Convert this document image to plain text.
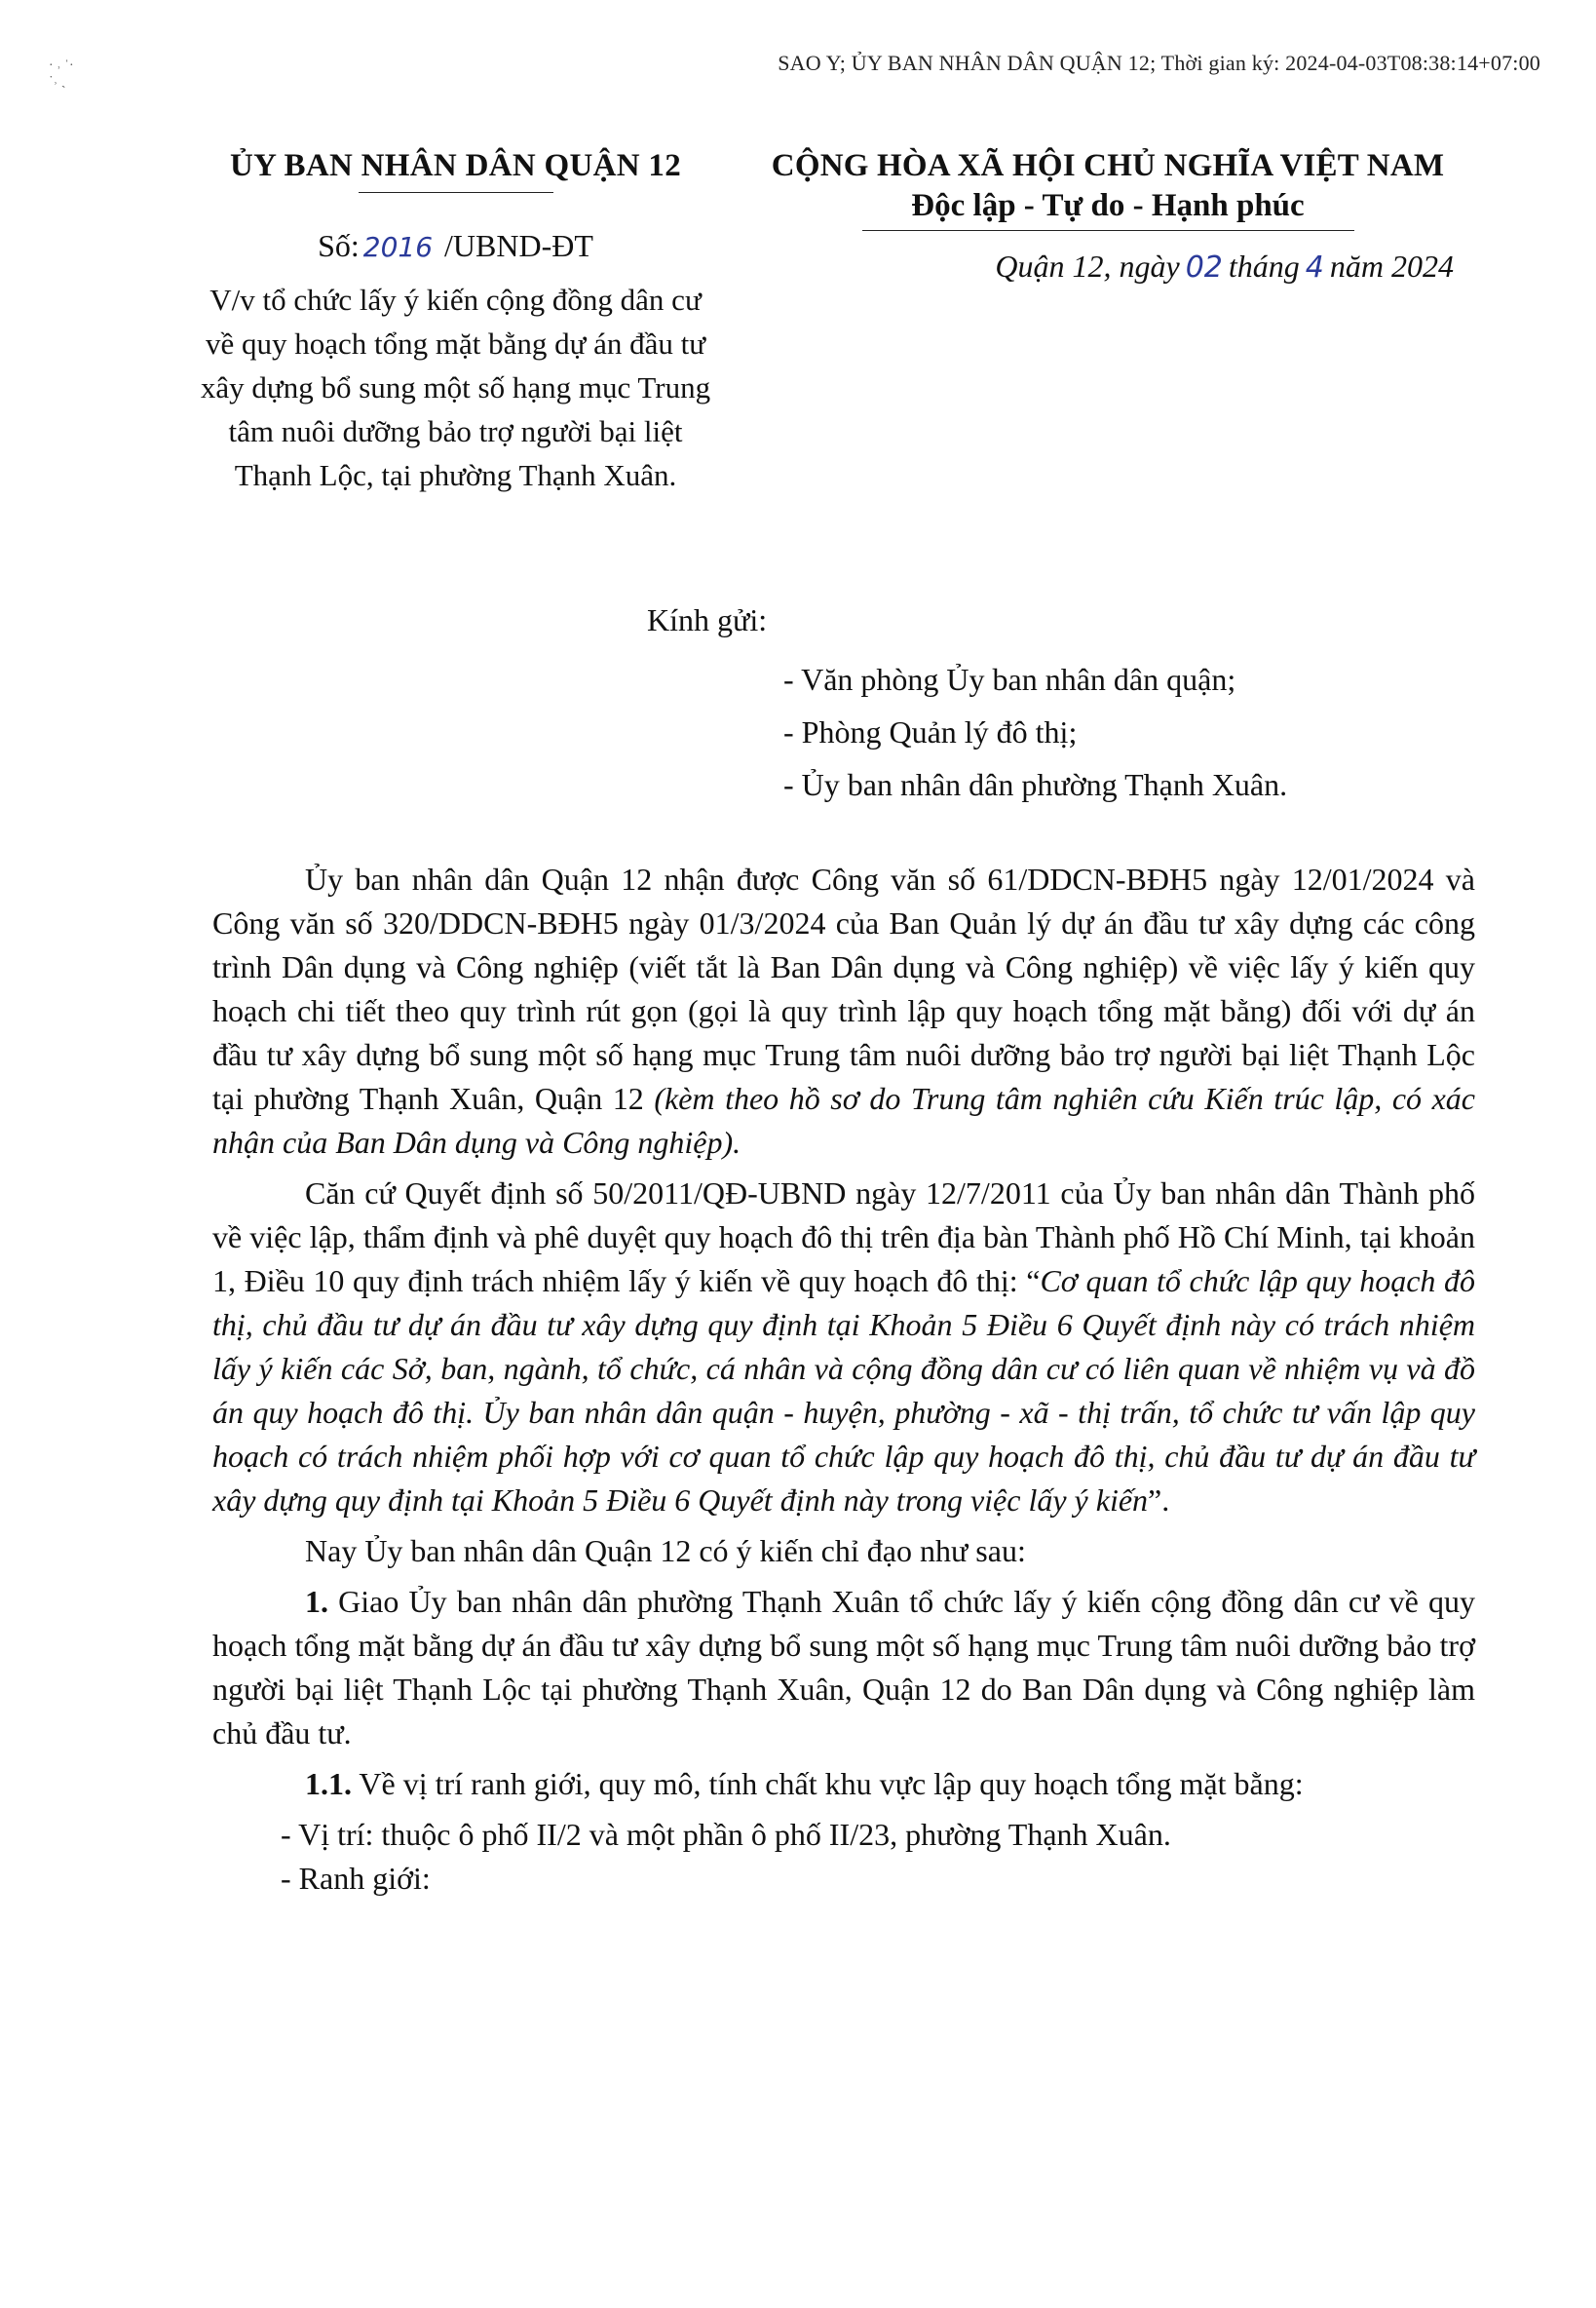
SAO Y; ỦY BAN NHÂN DÂN QUẬN 12; Thời gian ký: 2024-04-03T08:38:14+07:00
· ˒ ˈ·
˙˒ ˎ
ỦY BAN NHÂN DÂN QUẬN 12
Số: 2016 /UBND-ĐT
V/v tổ chức lấy ý kiến cộng đồng dân cư về quy hoạch tổng mặt bằng dự án đầu tư xây dựng bổ sung một số hạng mục Trung tâm nuôi dưỡng bảo trợ người bại liệt Thạnh Lộc, tại phường Thạnh Xuân.
CỘNG HÒA XÃ HỘI CHỦ NGHĨA VIỆT NAM
Độc lập - Tự do - Hạnh phúc
Quận 12, ngày 02 tháng 4 năm 2024
Kính gửi:
- Văn phòng Ủy ban nhân dân quận;
- Phòng Quản lý đô thị;
- Ủy ban nhân dân phường Thạnh Xuân.

Ủy ban nhân dân Quận 12 nhận được Công văn số 61/DDCN-BĐH5 ngày 12/01/2024 và Công văn số 320/DDCN-BĐH5 ngày 01/3/2024 của Ban Quản lý dự án đầu tư xây dựng các công trình Dân dụng và Công nghiệp (viết tắt là Ban Dân dụng và Công nghiệp) về việc lấy ý kiến quy hoạch chi tiết theo quy trình rút gọn (gọi là quy trình lập quy hoạch tổng mặt bằng) đối với dự án đầu tư xây dựng bổ sung một số hạng mục Trung tâm nuôi dưỡng bảo trợ người bại liệt Thạnh Lộc tại phường Thạnh Xuân, Quận 12 (kèm theo hồ sơ do Trung tâm nghiên cứu Kiến trúc lập, có xác nhận của Ban Dân dụng và Công nghiệp).

Căn cứ Quyết định số 50/2011/QĐ-UBND ngày 12/7/2011 của Ủy ban nhân dân Thành phố về việc lập, thẩm định và phê duyệt quy hoạch đô thị trên địa bàn Thành phố Hồ Chí Minh, tại khoản 1, Điều 10 quy định trách nhiệm lấy ý kiến về quy hoạch đô thị: “Cơ quan tổ chức lập quy hoạch đô thị, chủ đầu tư dự án đầu tư xây dựng quy định tại Khoản 5 Điều 6 Quyết định này có trách nhiệm lấy ý kiến các Sở, ban, ngành, tổ chức, cá nhân và cộng đồng dân cư có liên quan về nhiệm vụ và đồ án quy hoạch đô thị. Ủy ban nhân dân quận - huyện, phường - xã - thị trấn, tổ chức tư vấn lập quy hoạch có trách nhiệm phối hợp với cơ quan tổ chức lập quy hoạch đô thị, chủ đầu tư dự án đầu tư xây dựng quy định tại Khoản 5 Điều 6 Quyết định này trong việc lấy ý kiến”.

Nay Ủy ban nhân dân Quận 12 có ý kiến chỉ đạo như sau:

1. Giao Ủy ban nhân dân phường Thạnh Xuân tổ chức lấy ý kiến cộng đồng dân cư về quy hoạch tổng mặt bằng dự án đầu tư xây dựng bổ sung một số hạng mục Trung tâm nuôi dưỡng bảo trợ người bại liệt Thạnh Lộc tại phường Thạnh Xuân, Quận 12 do Ban Dân dụng và Công nghiệp làm chủ đầu tư.

1.1. Về vị trí ranh giới, quy mô, tính chất khu vực lập quy hoạch tổng mặt bằng:

- Vị trí: thuộc ô phố II/2 và một phần ô phố II/23, phường Thạnh Xuân.

- Ranh giới:
